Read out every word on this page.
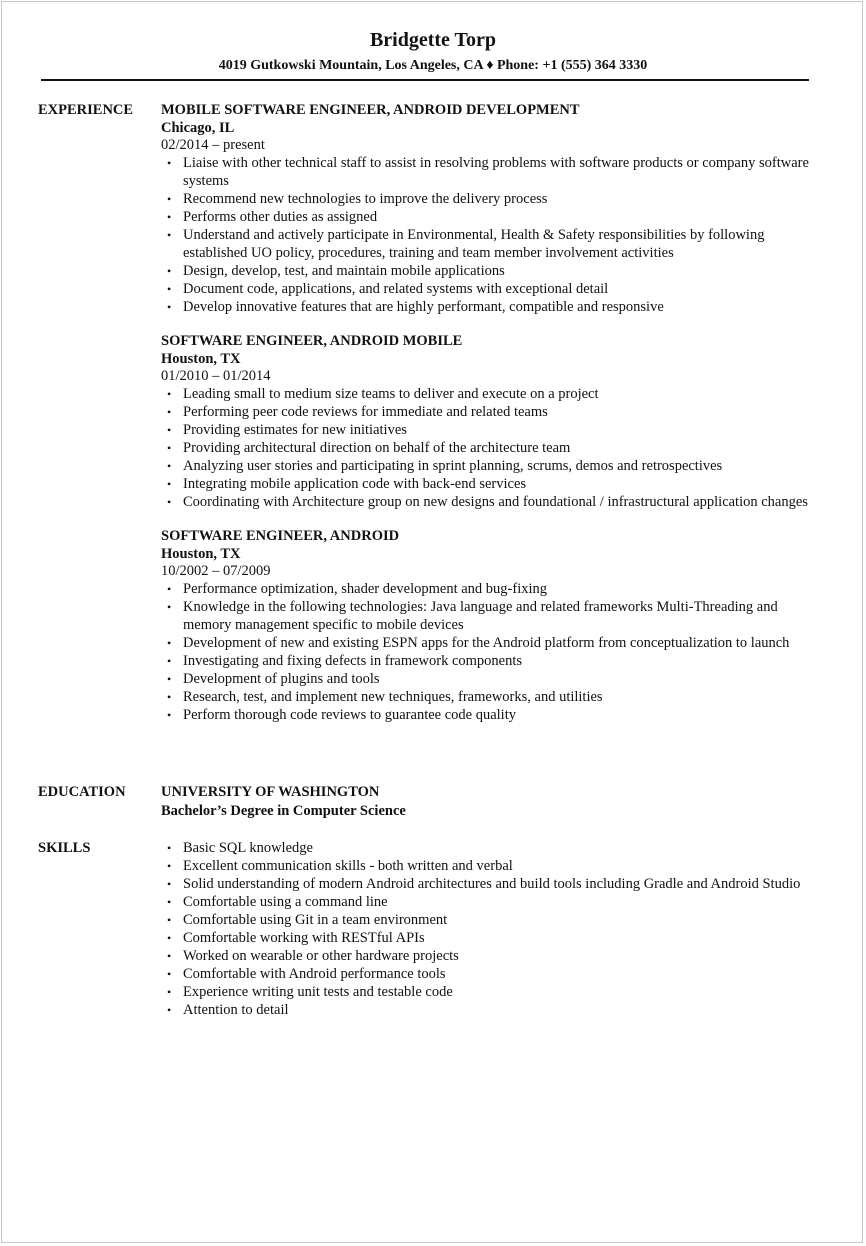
Bridgette Torp
4019 Gutkowski Mountain, Los Angeles, CA ♦ Phone: +1 (555) 364 3330
EXPERIENCE MOBILE SOFTWARE ENGINEER, ANDROID DEVELOPMENT
Chicago, IL
02/2014 – present
• Liaise with other technical staff to assist in resolving problems with software products or company software systems
• Recommend new technologies to improve the delivery process
• Performs other duties as assigned
• Understand and actively participate in Environmental, Health & Safety responsibilities by following established UO policy, procedures, training and team member involvement activities
• Design, develop, test, and maintain mobile applications
• Document code, applications, and related systems with exceptional detail
• Develop innovative features that are highly performant, compatible and responsive
SOFTWARE ENGINEER, ANDROID MOBILE
Houston, TX
01/2010 – 01/2014
• Leading small to medium size teams to deliver and execute on a project
• Performing peer code reviews for immediate and related teams
• Providing estimates for new initiatives
• Providing architectural direction on behalf of the architecture team
• Analyzing user stories and participating in sprint planning, scrums, demos and retrospectives
• Integrating mobile application code with back-end services
• Coordinating with Architecture group on new designs and foundational / infrastructural application changes
SOFTWARE ENGINEER, ANDROID
Houston, TX
10/2002 – 07/2009
• Performance optimization, shader development and bug-fixing
• Knowledge in the following technologies: Java language and related frameworks Multi-Threading and memory management specific to mobile devices
• Development of new and existing ESPN apps for the Android platform from conceptualization to launch
• Investigating and fixing defects in framework components
• Development of plugins and tools
• Research, test, and implement new techniques, frameworks, and utilities
• Perform thorough code reviews to guarantee code quality
EDUCATION UNIVERSITY OF WASHINGTON
Bachelor’s Degree in Computer Science
SKILLS	• Basic SQL knowledge
• Excellent communication skills - both written and verbal
• Solid understanding of modern Android architectures and build tools including Gradle and Android Studio
• Comfortable using a command line
• Comfortable using Git in a team environment
• Comfortable working with RESTful APIs
• Worked on wearable or other hardware projects
• Comfortable with Android performance tools
• Experience writing unit tests and testable code
• Attention to detail
